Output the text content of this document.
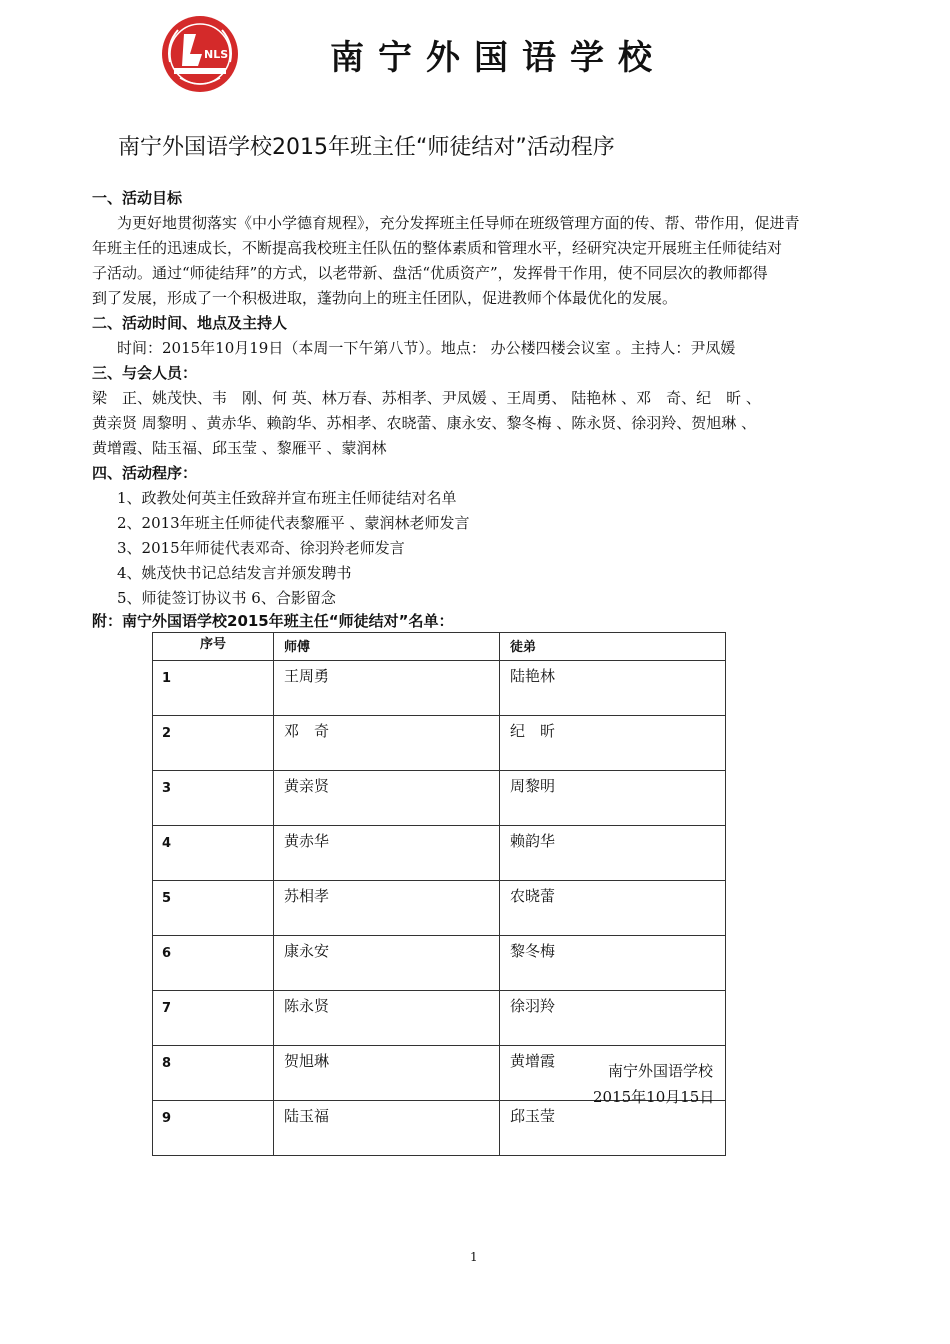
NLS	南宁外国语学校
南宁外国语学校2015年班主任“师徒结对”活动程序
一、活动目标
为更好地贯彻落实《中小学德育规程》，充分发挥班主任导师在班级管理方面的传、帮、带作用，促进青
年班主任的迅速成长，不断提高我校班主任队伍的整体素质和管理水平，经研究决定开展班主任师徒结对
子活动。通过“师徒结拜”的方式，以老带新、盘活“优质资产”，发挥骨干作用，使不同层次的教师都得
到了发展，形成了一个积极进取，蓬勃向上的班主任团队，促进教师个体最优化的发展。
二、活动时间、地点及主持人
时间：2015年10月19日（本周一下午第八节）。地点： 办公楼四楼会议室 。主持人：尹凤媛
三、与会人员：
梁　正、姚茂快、韦　刚、何 英、林万春、苏相孝、尹凤媛 、王周勇、 陆艳林 、邓　奇、纪　昕 、
黄亲贤 周黎明 、黄赤华、赖韵华、苏相孝、农晓蕾、康永安、黎冬梅 、陈永贤、徐羽羚、贺旭琳 、
黄增霞、陆玉福、邱玉莹 、黎雁平 、蒙润林
四、活动程序：
1、政教处何英主任致辞并宣布班主任师徒结对名单
2、2013年班主任师徒代表黎雁平 、蒙润林老师发言
3、2015年师徒代表邓奇、徐羽羚老师发言
4、姚茂快书记总结发言并颁发聘书
5、师徒签订协议书 6、合影留念
附：南宁外国语学校2015年班主任“师徒结对”名单：
序号	师傅	徒弟
1	王周勇	陆艳林
2	邓　奇	纪　昕
3	黄亲贤	周黎明
4	黄赤华	赖韵华
5	苏相孝	农晓蕾
6	康永安	黎冬梅
7	陈永贤	徐羽羚
8	贺旭琳	黄增霞
9	陆玉福	邱玉莹
南宁外国语学校
2015年10月15日
1
